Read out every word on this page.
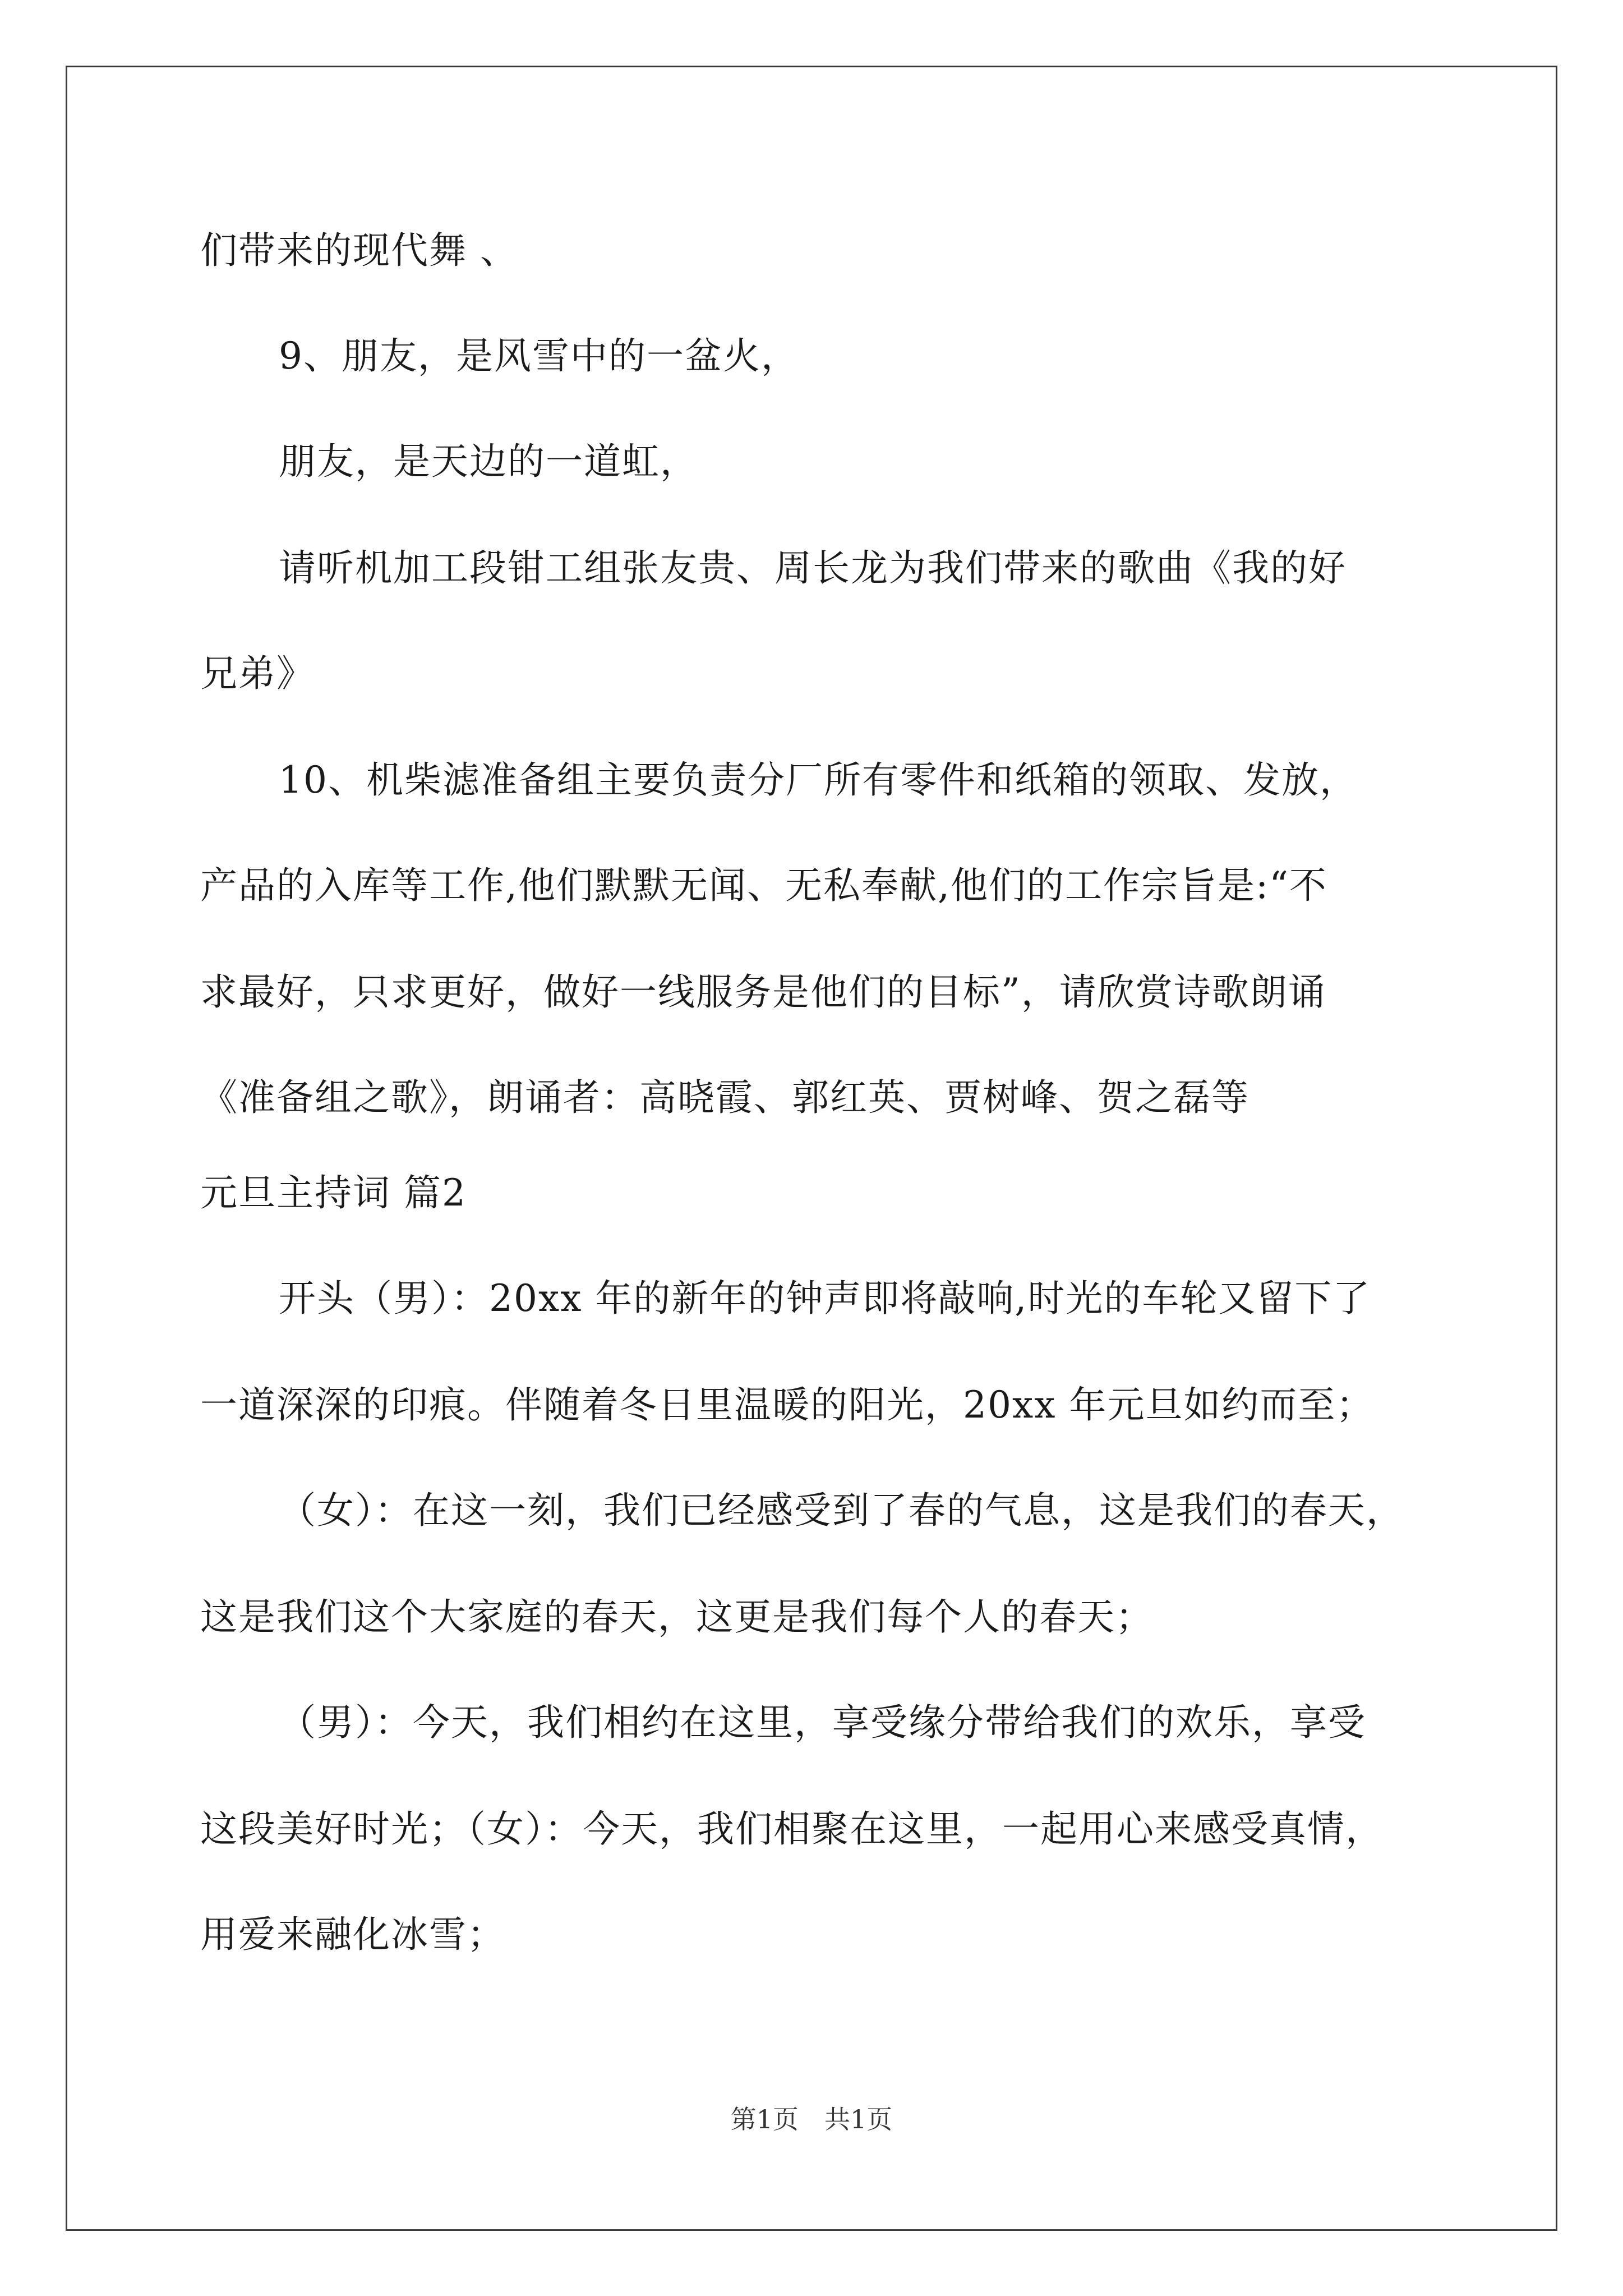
们带来的现代舞 、
9、朋友，是风雪中的一盆火，
朋友，是天边的一道虹，
请听机加工段钳工组张友贵、周长龙为我们带来的歌曲《我的好
兄弟》
10、机柴滤准备组主要负责分厂所有零件和纸箱的领取、发放，
产品的入库等工作,他们默默无闻、无私奉献,他们的工作宗旨是:“不
求最好，只求更好，做好一线服务是他们的目标”，请欣赏诗歌朗诵
《准备组之歌》，朗诵者：高晓霞、郭红英、贾树峰、贺之磊等
元旦主持词 篇2
开头（男）：20xx 年的新年的钟声即将敲响,时光的车轮又留下了
一道深深的印痕。伴随着冬日里温暖的阳光，20xx 年元旦如约而至；
（女）：在这一刻，我们已经感受到了春的气息，这是我们的春天，
这是我们这个大家庭的春天，这更是我们每个人的春天；
（男）：今天，我们相约在这里，享受缘分带给我们的欢乐，享受
这段美好时光；（女）：今天，我们相聚在这里，一起用心来感受真情，
用爱来融化冰雪；
第1页　共1页
